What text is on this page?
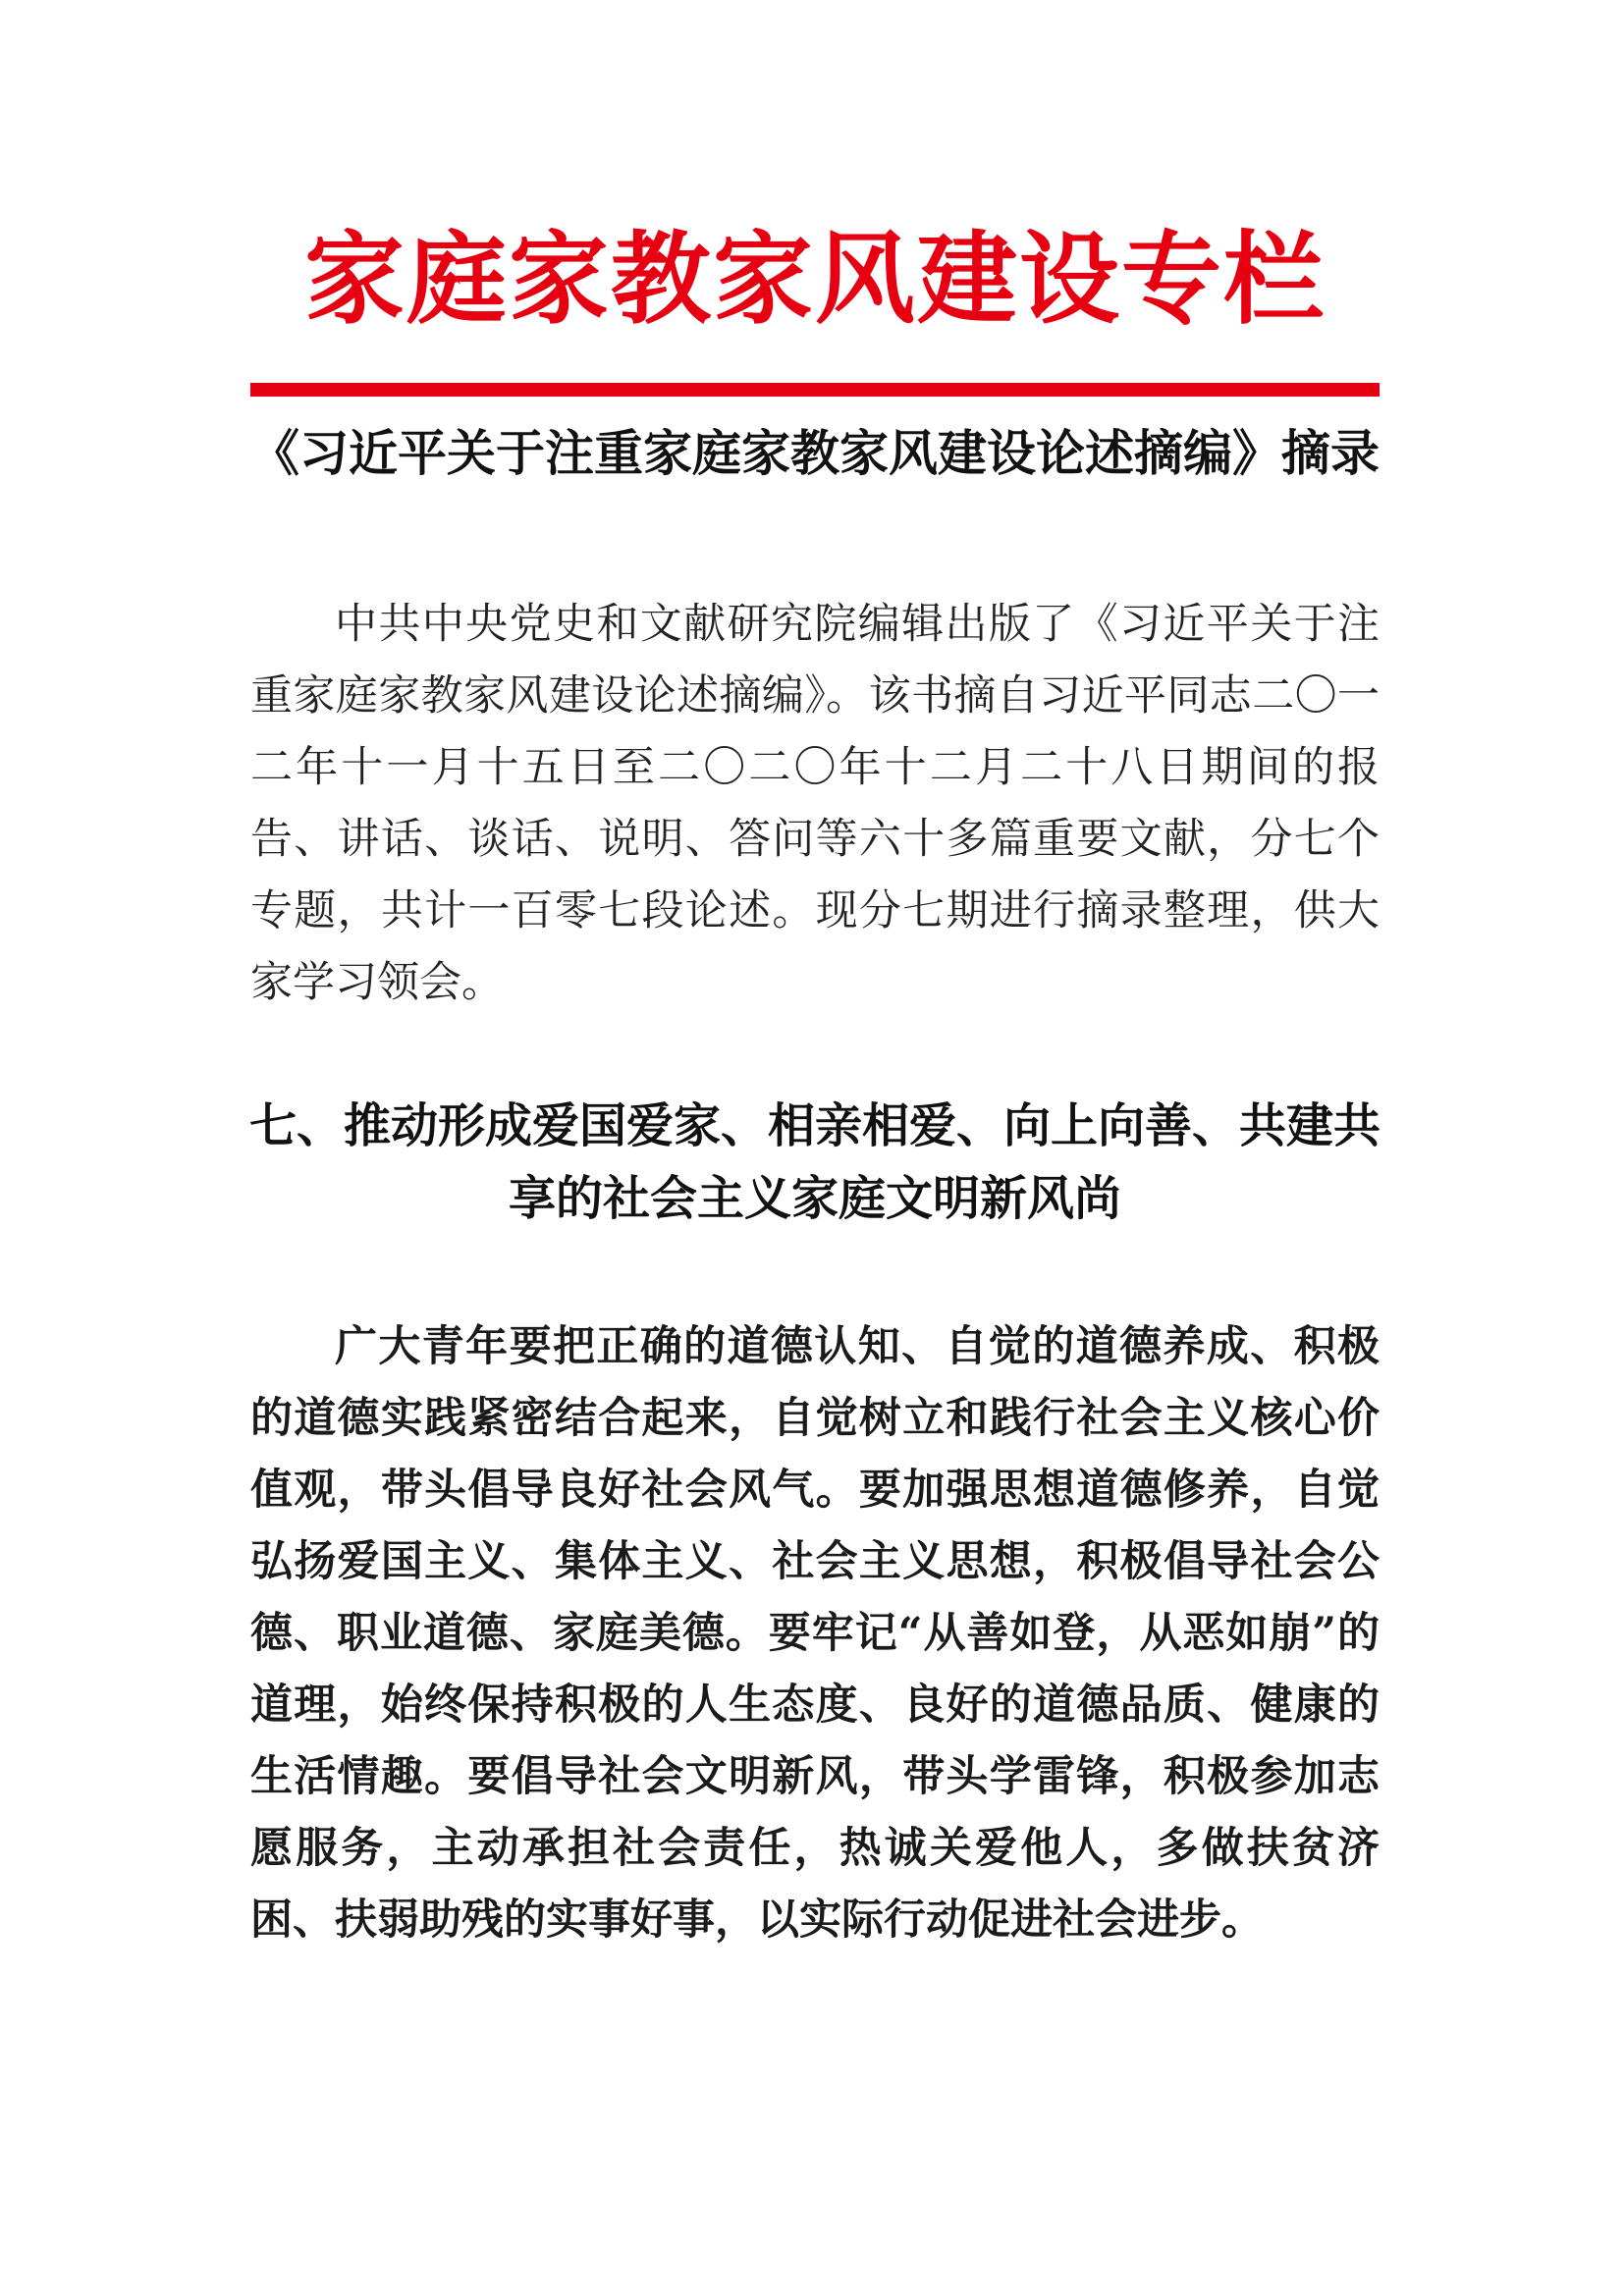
家庭家教家风建设专栏
《习近平关于注重家庭家教家风建设论述摘编》摘录

中共中央党史和文献研究院编辑出版了《习近平关于注重家庭家教家风建设论述摘编》。该书摘自习近平同志二〇一二年十一月十五日至二〇二〇年十二月二十八日期间的报告、讲话、谈话、说明、答问等六十多篇重要文献，分七个专题，共计一百零七段论述。现分七期进行摘录整理，供大家学习领会。

七、推动形成爱国爱家、相亲相爱、向上向善、共建共享的社会主义家庭文明新风尚

广大青年要把正确的道德认知、自觉的道德养成、积极的道德实践紧密结合起来，自觉树立和践行社会主义核心价值观，带头倡导良好社会风气。要加强思想道德修养，自觉弘扬爱国主义、集体主义、社会主义思想，积极倡导社会公德、职业道德、家庭美德。要牢记“从善如登，从恶如崩”的道理，始终保持积极的人生态度、良好的道德品质、健康的生活情趣。要倡导社会文明新风，带头学雷锋，积极参加志愿服务，主动承担社会责任，热诚关爱他人，多做扶贫济困、扶弱助残的实事好事，以实际行动促进社会进步。
